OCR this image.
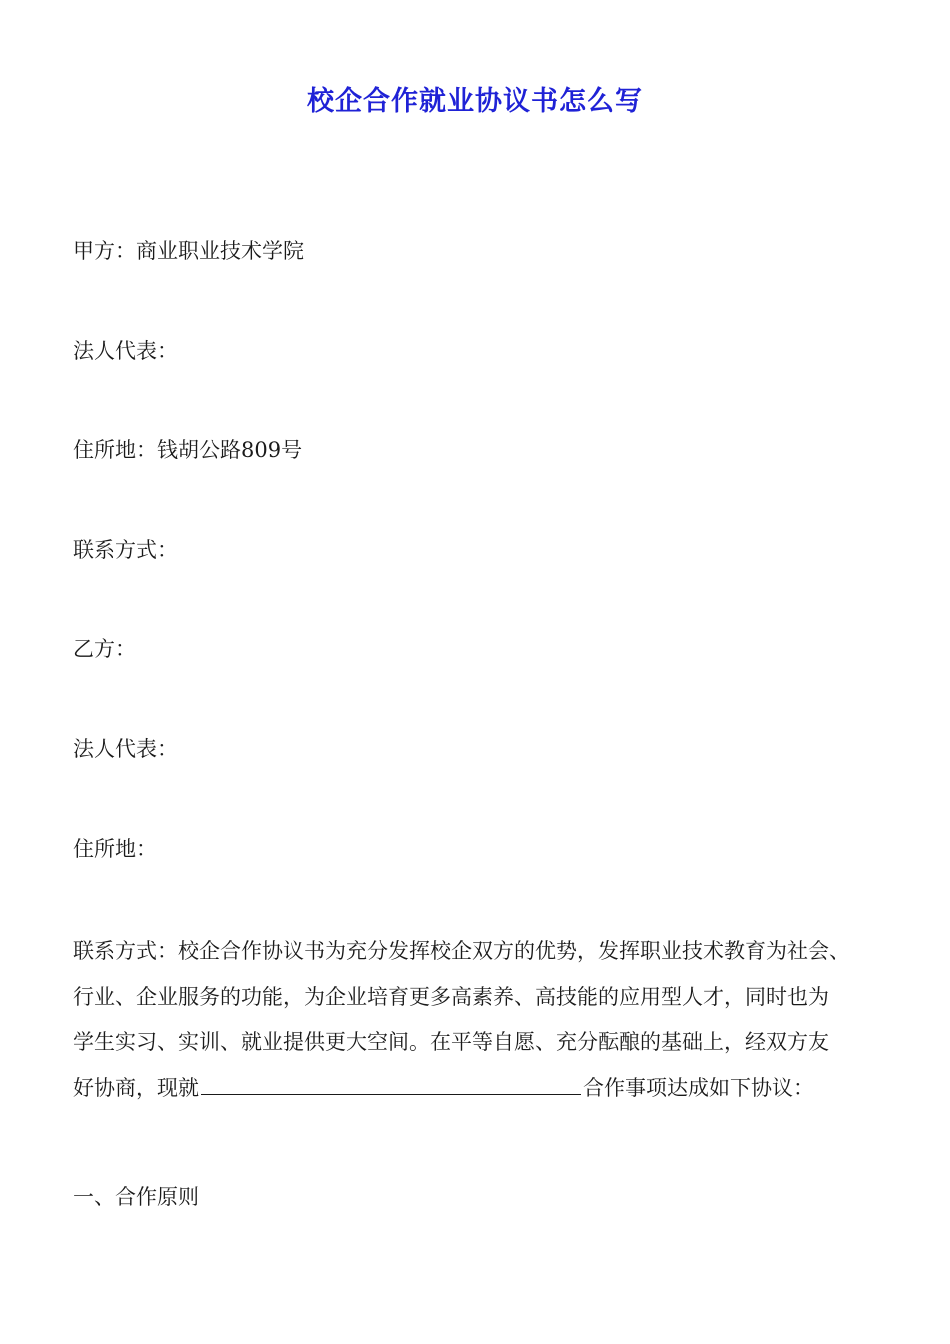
校企合作就业协议书怎么写
甲方：商业职业技术学院
法人代表：
住所地：钱胡公路809号
联系方式：
乙方：
法人代表：
住所地：
联系方式：校企合作协议书为充分发挥校企双方的优势，发挥职业技术教育为社会、
行业、企业服务的功能，为企业培育更多高素养、高技能的应用型人才，同时也为
学生实习、实训、就业提供更大空间。在平等自愿、充分酝酿的基础上，经双方友
好协商，现就	合作事项达成如下协议：
一、合作原则
